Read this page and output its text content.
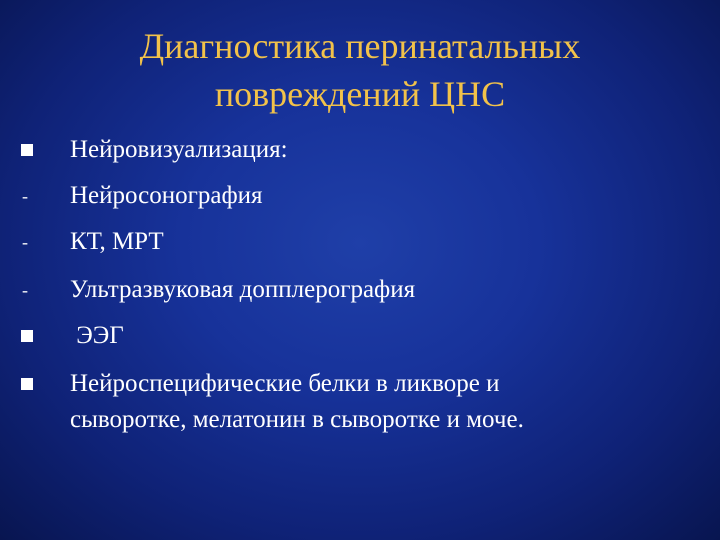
Диагностика перинатальных
повреждений ЦНС
Нейровизуализация:
-	Нейросонография
-	КТ, МРТ
-	Ультразвуковая допплерография
ЭЭГ
Нейроспецифические белки в ликворе и
сыворотке, мелатонин в сыворотке и моче.
